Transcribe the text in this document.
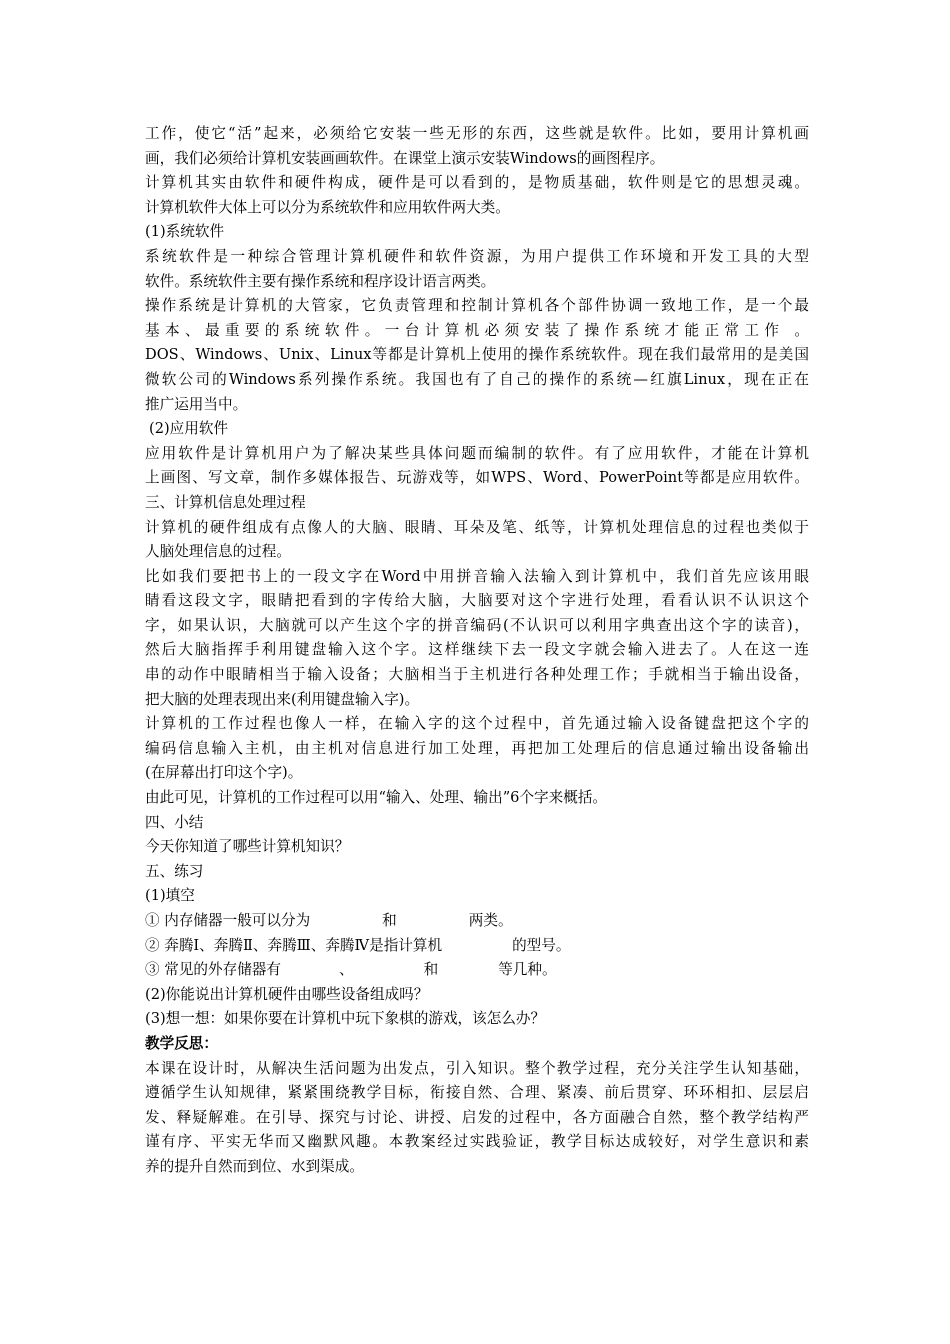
工作，使它“活”起来，必须给它安装一些无形的东西，这些就是软件。比如，要用计算机画
画，我们必须给计算机安装画画软件。在课堂上演示安装Windows的画图程序。
计算机其实由软件和硬件构成，硬件是可以看到的，是物质基础，软件则是它的思想灵魂。
计算机软件大体上可以分为系统软件和应用软件两大类。
(1)系统软件
系统软件是一种综合管理计算机硬件和软件资源，为用户提供工作环境和开发工具的大型
软件。系统软件主要有操作系统和程序设计语言两类。
操作系统是计算机的大管家，它负责管理和控制计算机各个部件协调一致地工作，是一个最
基本、最重要的系统软件。一台计算机必须安装了操作系统才能正常工作 。
DOS、Windows、Unix、Linux等都是计算机上使用的操作系统软件。现在我们最常用的是美国
微软公司的Windows系列操作系统。我国也有了自己的操作的系统—红旗Linux，现在正在
推广运用当中。
(2)应用软件
应用软件是计算机用户为了解决某些具体问题而编制的软件。有了应用软件，才能在计算机
上画图、写文章，制作多媒体报告、玩游戏等，如WPS、Word、PowerPoint等都是应用软件。
三、计算机信息处理过程
计算机的硬件组成有点像人的大脑、眼睛、耳朵及笔、纸等，计算机处理信息的过程也类似于
人脑处理信息的过程。
比如我们要把书上的一段文字在Word中用拼音输入法输入到计算机中，我们首先应该用眼
睛看这段文字，眼睛把看到的字传给大脑，大脑要对这个字进行处理，看看认识不认识这个
字，如果认识，大脑就可以产生这个字的拼音编码(不认识可以利用字典查出这个字的读音)，
然后大脑指挥手利用键盘输入这个字。这样继续下去一段文字就会输入进去了。人在这一连
串的动作中眼睛相当于输入设备；大脑相当于主机进行各种处理工作；手就相当于输出设备，
把大脑的处理表现出来(利用键盘输入字)。
计算机的工作过程也像人一样，在输入字的这个过程中，首先通过输入设备键盘把这个字的
编码信息输入主机，由主机对信息进行加工处理，再把加工处理后的信息通过输出设备输出
(在屏幕出打印这个字)。
由此可见，计算机的工作过程可以用“输入、处理、输出”6个字来概括。
四、小结
今天你知道了哪些计算机知识？
五、练习
(1)填空
① 内存储器一般可以分为	和	两类。
② 奔腾Ⅰ、奔腾Ⅱ、奔腾Ⅲ、奔腾Ⅳ是指计算机	的型号。
③ 常见的外存储器有	、	和	等几种。
(2)你能说出计算机硬件由哪些设备组成吗？
(3)想一想：如果你要在计算机中玩下象棋的游戏，该怎么办？
教学反思：
本课在设计时，从解决生活问题为出发点，引入知识。整个教学过程，充分关注学生认知基础，
遵循学生认知规律，紧紧围绕教学目标，衔接自然、合理、紧凑、前后贯穿、环环相扣、层层启
发、释疑解难。在引导、探究与讨论、讲授、启发的过程中，各方面融合自然，整个教学结构严
谨有序、平实无华而又幽默风趣。本教案经过实践验证，教学目标达成较好，对学生意识和素
养的提升自然而到位、水到渠成。
